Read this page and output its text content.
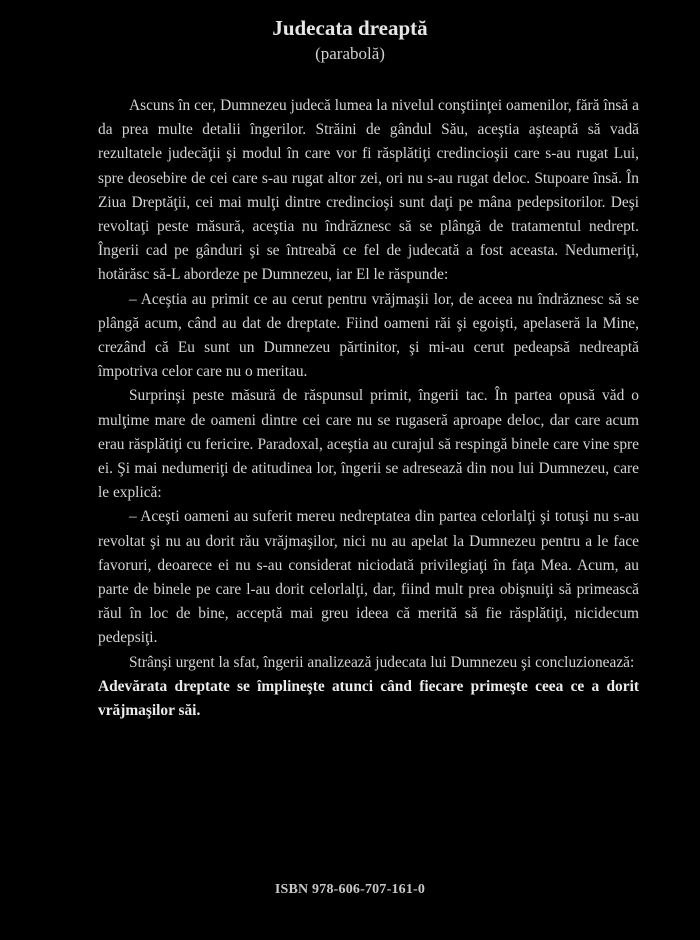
Judecata dreaptă
(parabolă)

Ascuns în cer, Dumnezeu judecă lumea la nivelul conştiinţei oamenilor, fără însă a da prea multe detalii îngerilor. Străini de gândul Său, aceştia aşteaptă să vadă rezultatele judecăţii şi modul în care vor fi răsplătiţi credincioşii care s-au rugat Lui, spre deosebire de cei care s-au rugat altor zei, ori nu s-au rugat deloc. Stupoare însă. În Ziua Dreptăţii, cei mai mulţi dintre credincioşi sunt daţi pe mâna pedepsitorilor. Deşi revoltaţi peste măsură, aceştia nu îndrăznesc să se plângă de tratamentul nedrept. Îngerii cad pe gânduri şi se întreabă ce fel de judecată a fost aceasta. Nedumeriţi, hotărăsc să-L abordeze pe Dumnezeu, iar El le răspunde:

– Aceştia au primit ce au cerut pentru vrăjmaşii lor, de aceea nu îndrăznesc să se plângă acum, când au dat de dreptate. Fiind oameni răi şi egoişti, apelaseră la Mine, crezând că Eu sunt un Dumnezeu părtinitor, şi mi-au cerut pedeapsă nedreaptă împotriva celor care nu o meritau.

Surprinşi peste măsură de răspunsul primit, îngerii tac. În partea opusă văd o mulţime mare de oameni dintre cei care nu se rugaseră aproape deloc, dar care acum erau răsplătiţi cu fericire. Paradoxal, aceştia au curajul să respingă binele care vine spre ei. Şi mai nedumeriţi de atitudinea lor, îngerii se adresează din nou lui Dumnezeu, care le explică:

– Aceşti oameni au suferit mereu nedreptatea din partea celorlalţi şi totuşi nu s-au revoltat şi nu au dorit rău vrăjmaşilor, nici nu au apelat la Dumnezeu pentru a le face favoruri, deoarece ei nu s-au considerat niciodată privilegiaţi în faţa Mea. Acum, au parte de binele pe care l-au dorit celorlalţi, dar, fiind mult prea obişnuiţi să primească răul în loc de bine, acceptă mai greu ideea că merită să fie răsplătiţi, nicidecum pedepsiţi.

Strânşi urgent la sfat, îngerii analizează judecata lui Dumnezeu şi concluzionează:

Adevărata dreptate se împlineşte atunci când fiecare primeşte ceea ce a dorit vrăjmaşilor săi.

ISBN 978-606-707-161-0
